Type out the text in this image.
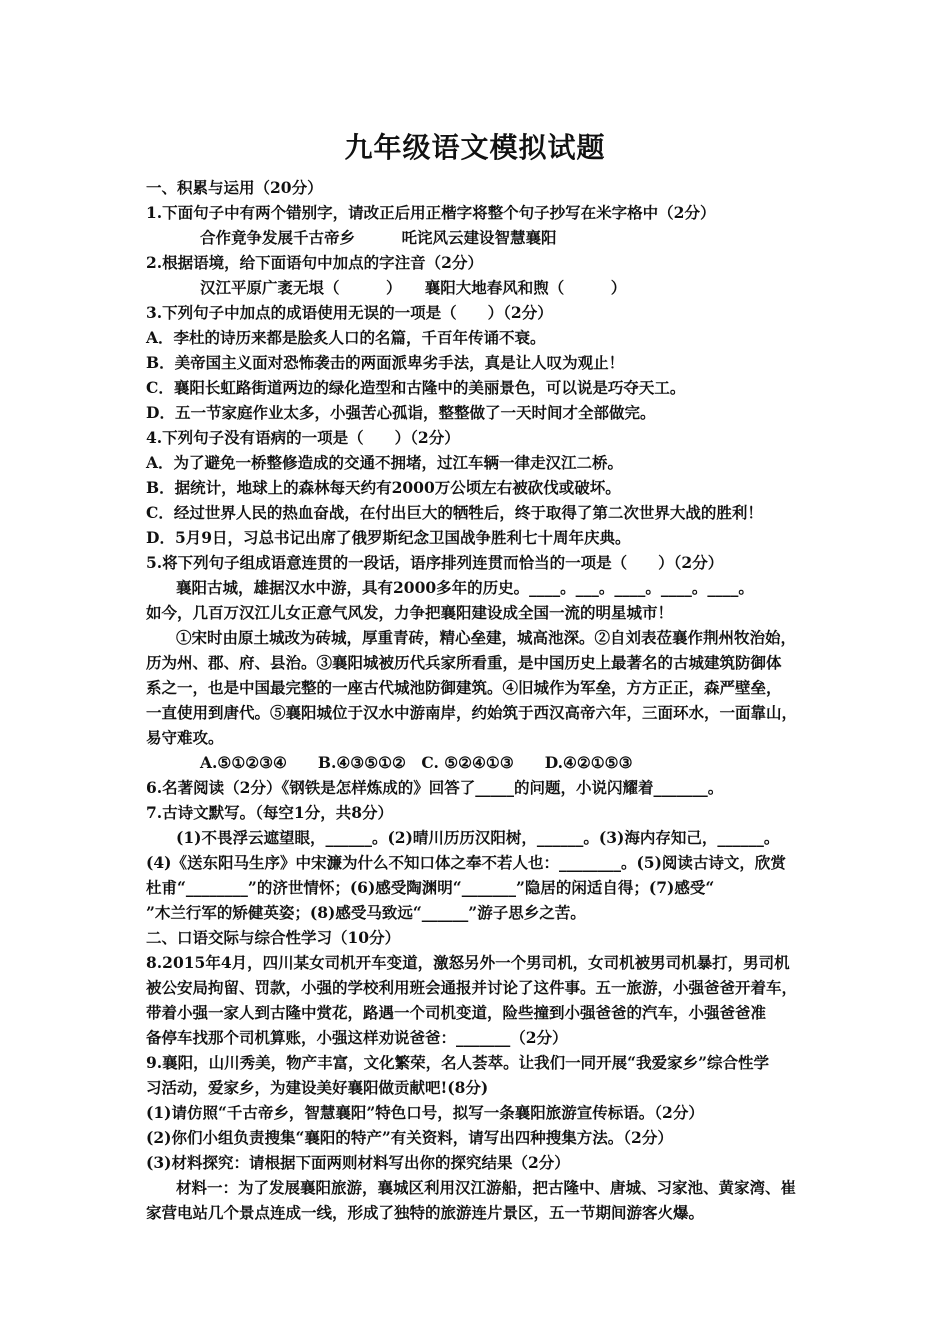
九年级语文模拟试题
一、积累与运用（20分）
1.下面句子中有两个错别字，请改正后用正楷字将整个句子抄写在米字格中（2分）
合作竟争发展千古帝乡　　　吒诧风云建设智慧襄阳
2.根据语境，给下面语句中加点的字注音（2分）
汉江平原广袤无垠（　　　）　　襄阳大地春风和煦（　　　）
3.下列句子中加点的成语使用无误的一项是（　　）（2分）
A．李杜的诗历来都是脍炙人口的名篇，千百年传诵不衰。
B．美帝国主义面对恐怖袭击的两面派卑劣手法，真是让人叹为观止！
C．襄阳长虹路街道两边的绿化造型和古隆中的美丽景色，可以说是巧夺天工。
D．五一节家庭作业太多，小强苦心孤诣，整整做了一天时间才全部做完。
4.下列句子没有语病的一项是（　　）（2分）
A．为了避免一桥整修造成的交通不拥堵，过江车辆一律走汉江二桥。
B．据统计，地球上的森林每天约有2000万公顷左右被砍伐或破坏。
C．经过世界人民的热血奋战，在付出巨大的牺牲后，终于取得了第二次世界大战的胜利！
D．5月9日，习总书记出席了俄罗斯纪念卫国战争胜利七十周年庆典。
5.将下列句子组成语意连贯的一段话，语序排列连贯而恰当的一项是（　　）（2分）
襄阳古城，雄据汉水中游，具有2000多年的历史。____。___。____。____。____。
如今，几百万汉江儿女正意气风发，力争把襄阳建设成全国一流的明星城市！
①宋时由原土城改为砖城，厚重青砖，精心垒建，城高池深。②自刘表莅襄作荆州牧治始，
历为州、郡、府、县治。③襄阳城被历代兵家所看重，是中国历史上最著名的古城建筑防御体
系之一，也是中国最完整的一座古代城池防御建筑。④旧城作为军垒，方方正正，森严壁垒，
一直使用到唐代。⑤襄阳城位于汉水中游南岸，约始筑于西汉高帝六年，三面环水，一面靠山，
易守难攻。
A.⑤①②③④　　B.④③⑤①②　C. ⑤②④①③　　D.④②①⑤③
6.名著阅读（2分）《钢铁是怎样炼成的》回答了_____的问题，小说闪耀着_______。
7.古诗文默写。（每空1分，共8分）
(1)不畏浮云遮望眼，______。(2)晴川历历汉阳树，______。(3)海内存知己，______。
(4)《送东阳马生序》中宋濂为什么不知口体之奉不若人也：________。(5)阅读古诗文，欣赏
杜甫“________”的济世情怀；(6)感受陶渊明“_______”隐居的闲适自得；(7)感受“
”木兰行军的矫健英姿；(8)感受马致远“______”游子思乡之苦。
二、口语交际与综合性学习（10分）
8.2015年4月，四川某女司机开车变道，激怒另外一个男司机，女司机被男司机暴打，男司机
被公安局拘留、罚款，小强的学校利用班会通报并讨论了这件事。五一旅游，小强爸爸开着车，
带着小强一家人到古隆中赏花，路遇一个司机变道，险些撞到小强爸爸的汽车，小强爸爸准
备停车找那个司机算账，小强这样劝说爸爸：_______（2分）
9.襄阳，山川秀美，物产丰富，文化繁荣，名人荟萃。让我们一同开展“我爱家乡”综合性学
习活动，爱家乡，为建设美好襄阳做贡献吧!(8分)
(1)请仿照“千古帝乡，智慧襄阳”特色口号，拟写一条襄阳旅游宣传标语。（2分）
(2)你们小组负责搜集“襄阳的特产”有关资料，请写出四种搜集方法。（2分）
(3)材料探究：请根据下面两则材料写出你的探究结果（2分）
材料一：为了发展襄阳旅游，襄城区利用汉江游船，把古隆中、唐城、习家池、黄家湾、崔
家营电站几个景点连成一线，形成了独特的旅游连片景区，五一节期间游客火爆。
